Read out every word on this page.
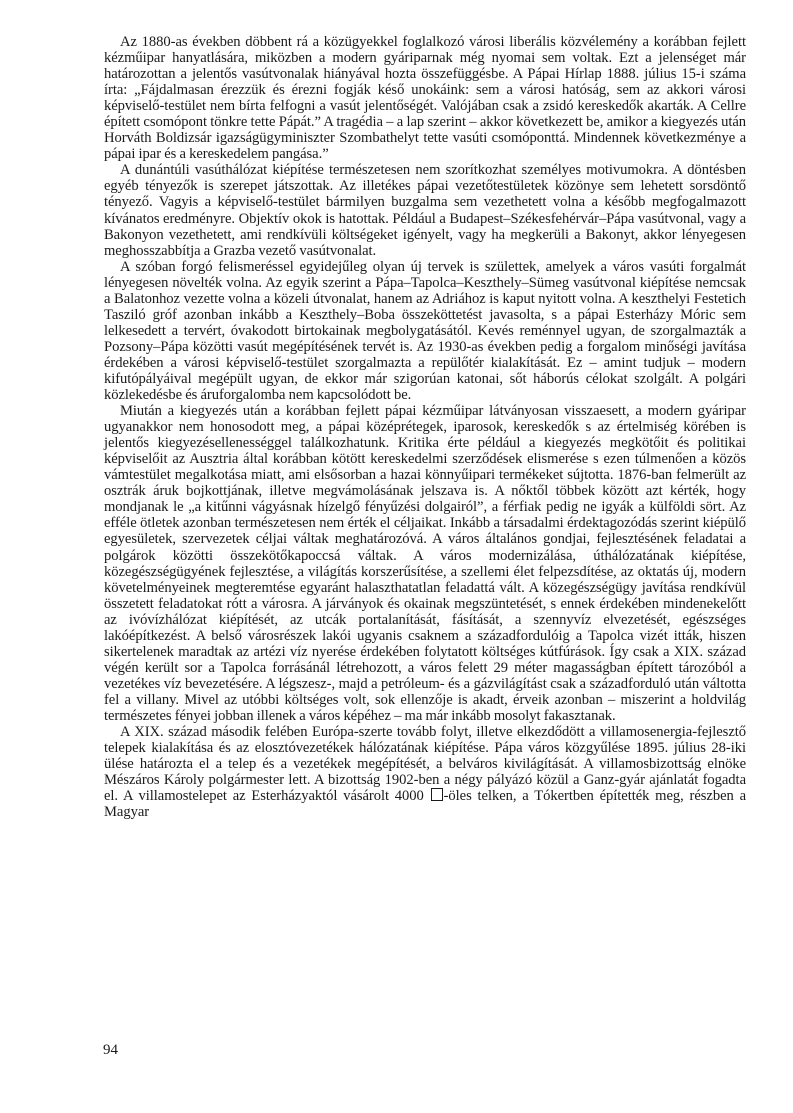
Az 1880-as években döbbent rá a közügyekkel foglalkozó városi liberális közvélemény a korábban fejlett kézműipar hanyatlására, miközben a modern gyáriparnak még nyomai sem voltak. Ezt a jelenséget már határozottan a jelentős vasútvonalak hiányával hozta összefüggésbe. A Pápai Hírlap 1888. július 15-i száma írta: „Fájdalmasan érezzük és érezni fogják késő unokáink: sem a városi hatóság, sem az akkori városi képviselő-testület nem bírta felfogni a vasút jelentőségét. Valójában csak a zsidó kereskedők akarták. A Cellre épített csomópont tönkre tette Pápát.” A tragédia – a lap szerint – akkor következett be, amikor a kiegyezés után Horváth Boldizsár igazságügyminiszter Szombathelyt tette vasúti csomóponttá. Mindennek következménye a pápai ipar és a kereskedelem pangása.”

A dunántúli vasúthálózat kiépítése természetesen nem szorítkozhat személyes motivumokra. A döntésben egyéb tényezők is szerepet játszottak. Az illetékes pápai vezetőtestületek közönye sem lehetett sorsdöntő tényező. Vagyis a képviselő-testület bármilyen buzgalma sem vezethetett volna a később megfogalmazott kívánatos eredményre. Objektív okok is hatottak. Például a Budapest–Székesfehérvár–Pápa vasútvonal, vagy a Bakonyon vezethetett, ami rendkívüli költségeket igényelt, vagy ha megkerüli a Bakonyt, akkor lényegesen meghosszabbítja a Grazba vezető vasútvonalat.

A szóban forgó felismeréssel egyidejűleg olyan új tervek is születtek, amelyek a város vasúti forgalmát lényegesen növelték volna. Az egyik szerint a Pápa–Tapolca–Keszthely–Sümeg vasútvonal kiépítése nemcsak a Balatonhoz vezette volna a közeli útvonalat, hanem az Adriához is kaput nyitott volna. A keszthelyi Festetich Tasziló gróf azonban inkább a Keszthely–Boba összeköttetést javasolta, s a pápai Esterházy Móric sem lelkesedett a tervért, óvakodott birtokainak megbolygatásától. Kevés reménnyel ugyan, de szorgalmazták a Pozsony–Pápa közötti vasút megépítésének tervét is. Az 1930-as években pedig a forgalom minőségi javítása érdekében a városi képviselő-testület szorgalmazta a repülőtér kialakítását. Ez – amint tudjuk – modern kifutópályáival megépült ugyan, de ekkor már szigorúan katonai, sőt háborús célokat szolgált. A polgári közlekedésbe és áruforgalomba nem kapcsolódott be.

Miután a kiegyezés után a korábban fejlett pápai kézműipar látványosan visszaesett, a modern gyáripar ugyanakkor nem honosodott meg, a pápai középrétegek, iparosok, kereskedők s az értelmiség körében is jelentős kiegyezésellenességgel találkozhatunk. Kritika érte például a kiegyezés megkötőit és politikai képviselőit az Ausztria által korábban kötött kereskedelmi szerződések elismerése s ezen túlmenően a közös vámtestület megalkotása miatt, ami elsősorban a hazai könnyűipari termékeket sújtotta. 1876-ban felmerült az osztrák áruk bojkottjának, illetve megvámolásának jelszava is. A nőktől többek között azt kérték, hogy mondjanak le „a kitűnni vágyásnak hízelgő fényűzési dolgairól”, a férfiak pedig ne igyák a külföldi sört. Az efféle ötletek azonban természetesen nem érték el céljaikat. Inkább a társadalmi érdektagozódás szerint kiépülő egyesületek, szervezetek céljai váltak meghatározóvá. A város általános gondjai, fejlesztésének feladatai a polgárok közötti összekötőkapoccsá váltak. A város modernizálása, úthálózatának kiépítése, közegészségügyének fejlesztése, a világítás korszerűsítése, a szellemi élet felpezsdítése, az oktatás új, modern követelményeinek megteremtése egyaránt halaszthatatlan feladattá vált. A közegészségügy javítása rendkívül összetett feladatokat rótt a városra. A járványok és okainak megszüntetését, s ennek érdekében mindenekelőtt az ivóvízhálózat kiépítését, az utcák portalanítását, fásítását, a szennyvíz elvezetését, egészséges lakóépítkezést. A belső városrészek lakói ugyanis csaknem a századfordulóig a Tapolca vizét itták, hiszen sikertelenek maradtak az artézi víz nyerése érdekében folytatott költséges kútfúrások. Így csak a XIX. század végén került sor a Tapolca forrásánál létrehozott, a város felett 29 méter magasságban épített tározóból a vezetékes víz bevezetésére. A légszesz-, majd a petróleum- és a gázvilágítást csak a századforduló után váltotta fel a villany. Mivel az utóbbi költséges volt, sok ellenzője is akadt, érveik azonban – miszerint a holdvilág természetes fényei jobban illenek a város képéhez – ma már inkább mosolyt fakasztanak.

A XIX. század második felében Európa-szerte tovább folyt, illetve elkezdődött a villamosenergia-fejlesztő telepek kialakítása és az elosztóvezetékek hálózatának kiépítése. Pápa város közgyűlése 1895. július 28-iki ülése határozta el a telep és a vezetékek megépítését, a belváros kivilágítását. A villamosbizottság elnöke Mészáros Károly polgármester lett. A bizottság 1902-ben a négy pályázó közül a Ganz-gyár ajánlatát fogadta el. A villamostelepet az Esterházyaktól vásárolt 4000 -öles telken, a Tókertben építették meg, részben a Magyar

94
